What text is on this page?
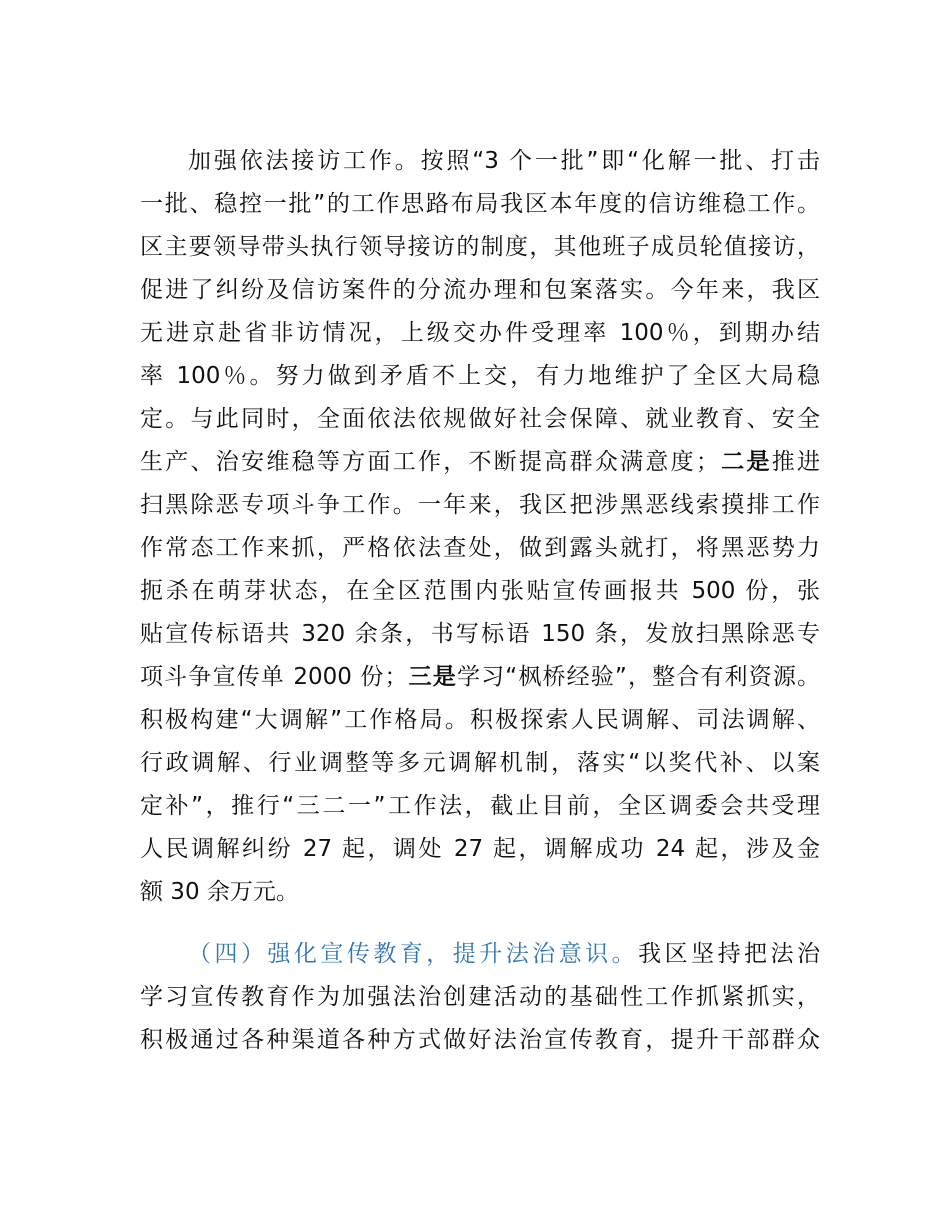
加强依法接访工作。按照“3 个一批”即“化解一批、打击
一批、稳控一批”的工作思路布局我区本年度的信访维稳工作。
区主要领导带头执行领导接访的制度，其他班子成员轮值接访，
促进了纠纷及信访案件的分流办理和包案落实。今年来，我区
无进京赴省非访情况，上级交办件受理率 100％，到期办结
率 100％。努力做到矛盾不上交，有力地维护了全区大局稳
定。与此同时，全面依法依规做好社会保障、就业教育、安全
生产、治安维稳等方面工作，不断提高群众满意度；二是推进
扫黑除恶专项斗争工作。一年来，我区把涉黑恶线索摸排工作
作常态工作来抓，严格依法查处，做到露头就打，将黑恶势力
扼杀在萌芽状态，在全区范围内张贴宣传画报共 500 份，张
贴宣传标语共 320 余条，书写标语 150 条，发放扫黑除恶专
项斗争宣传单 2000 份；三是学习“枫桥经验”，整合有利资源。
积极构建“大调解”工作格局。积极探索人民调解、司法调解、
行政调解、行业调整等多元调解机制，落实“以奖代补、以案
定补”，推行“三二一”工作法，截止目前，全区调委会共受理
人民调解纠纷 27 起，调处 27 起，调解成功 24 起，涉及金
额 30 余万元。
（四）强化宣传教育，提升法治意识。我区坚持把法治
学习宣传教育作为加强法治创建活动的基础性工作抓紧抓实，
积极通过各种渠道各种方式做好法治宣传教育，提升干部群众
